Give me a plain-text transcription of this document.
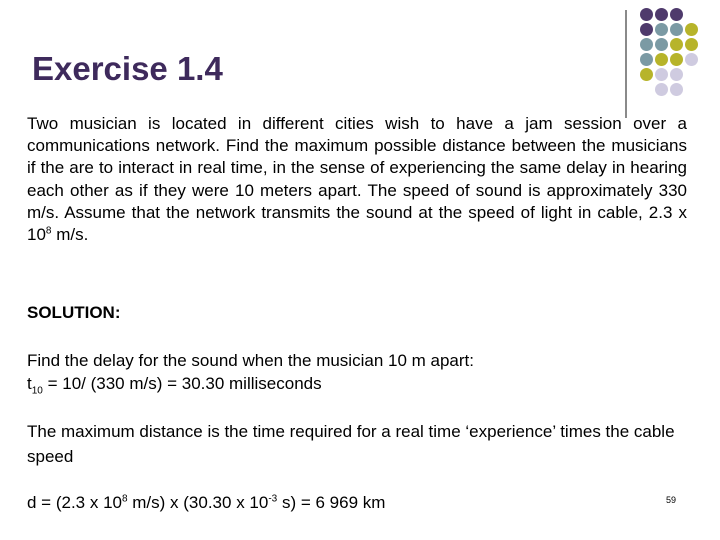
Exercise 1.4

Two musician is located in different cities wish to have a jam session over a communications network. Find the maximum possible distance between the musicians if the are to interact in real time, in the sense of experiencing the same delay in hearing each other as if they were 10 meters apart. The speed of sound is approximately 330 m/s. Assume that the network transmits the sound at the speed of light in cable, 2.3 x $10^8$ m/s.

SOLUTION:

Find the delay for the sound when the musician 10 m apart:

$t_{10} = 10/$ (330 m/s) = 30.30 milliseconds

The maximum distance is the time required for a real time ‘experience’ times the cable speed

d = (2.3 x $10^8$ m/s) x (30.30 x $10^{-3}$ s) = 6 969 km	59
